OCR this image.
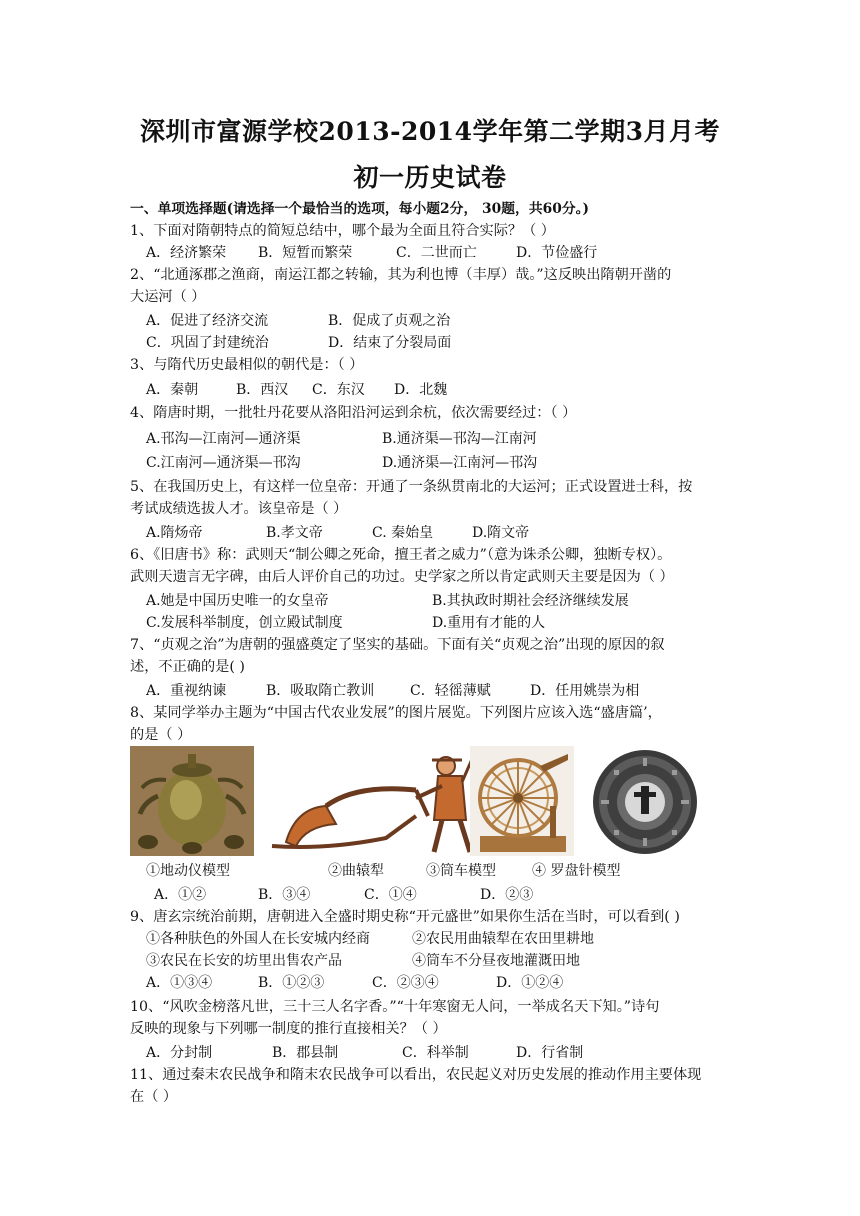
深圳市富源学校2013-2014学年第二学期3月月考
初一历史试卷
一、单项选择题(请选择一个最恰当的选项，每小题2分， 30题，共60分。)
1、下面对隋朝特点的简短总结中，哪个最为全面且符合实际？（ ）
A．经济繁荣 B．短暂而繁荣	C．二世而亡	D．节俭盛行
2、“北通涿郡之渔商，南运江都之转输，其为利也博（丰厚）哉。”这反映出隋朝开凿的
大运河（ ）
A．促进了经济交流	B．促成了贞观之治
C．巩固了封建统治	D．结束了分裂局面
3、与隋代历史最相似的朝代是：（ ）
A．秦朝	B．西汉 C．东汉 D．北魏
4、隋唐时期，一批牡丹花要从洛阳沿河运到余杭，依次需要经过：（ ）
A.邗沟—江南河—通济渠	B.通济渠—邗沟—江南河
C.江南河—通济渠—邗沟	D.通济渠—江南河—邗沟
5、在我国历史上，有这样一位皇帝：开通了一条纵贯南北的大运河；正式设置进士科，按
考试成绩选拔人才。该皇帝是（ ）
A.隋炀帝	B.孝文帝	C. 秦始皇	D.隋文帝
6、《旧唐书》称：武则天“制公卿之死命，擅王者之威力”（意为诛杀公卿，独断专权）。
武则天遗言无字碑，由后人评价自己的功过。史学家之所以肯定武则天主要是因为（ ）
A.她是中国历史唯一的女皇帝	B.其执政时期社会经济继续发展
C.发展科举制度，创立殿试制度	D.重用有才能的人
7、“贞观之治”为唐朝的强盛奠定了坚实的基础。下面有关“贞观之治”出现的原因的叙
述，不正确的是( )
A．重视纳谏	B．吸取隋亡教训	C．轻徭薄赋	D．任用姚崇为相
8、某同学举办主题为“中国古代农业发展”的图片展览。下列图片应该入选“盛唐篇’，
的是（ ）
①地动仪模型	②曲辕犁	③筒车模型	④ 罗盘针模型
A．①②	B．③④	C．①④	D．②③
9、唐玄宗统治前期，唐朝进入全盛时期史称“开元盛世”如果你生活在当时，可以看到( )
①各种肤色的外国人在长安城内经商	②农民用曲辕犁在农田里耕地
③农民在长安的坊里出售农产品	④筒车不分昼夜地灌溉田地
A．①③④	B．①②③	C．②③④	D．①②④
10、“风吹金榜落凡世，三十三人名字香。”“十年寒窗无人问，一举成名天下知。”诗句
反映的现象与下列哪一制度的推行直接相关？（ ）
A．分封制	B．郡县制	C．科举制	D．行省制
11、通过秦末农民战争和隋末农民战争可以看出，农民起义对历史发展的推动作用主要体现
在（ ）
